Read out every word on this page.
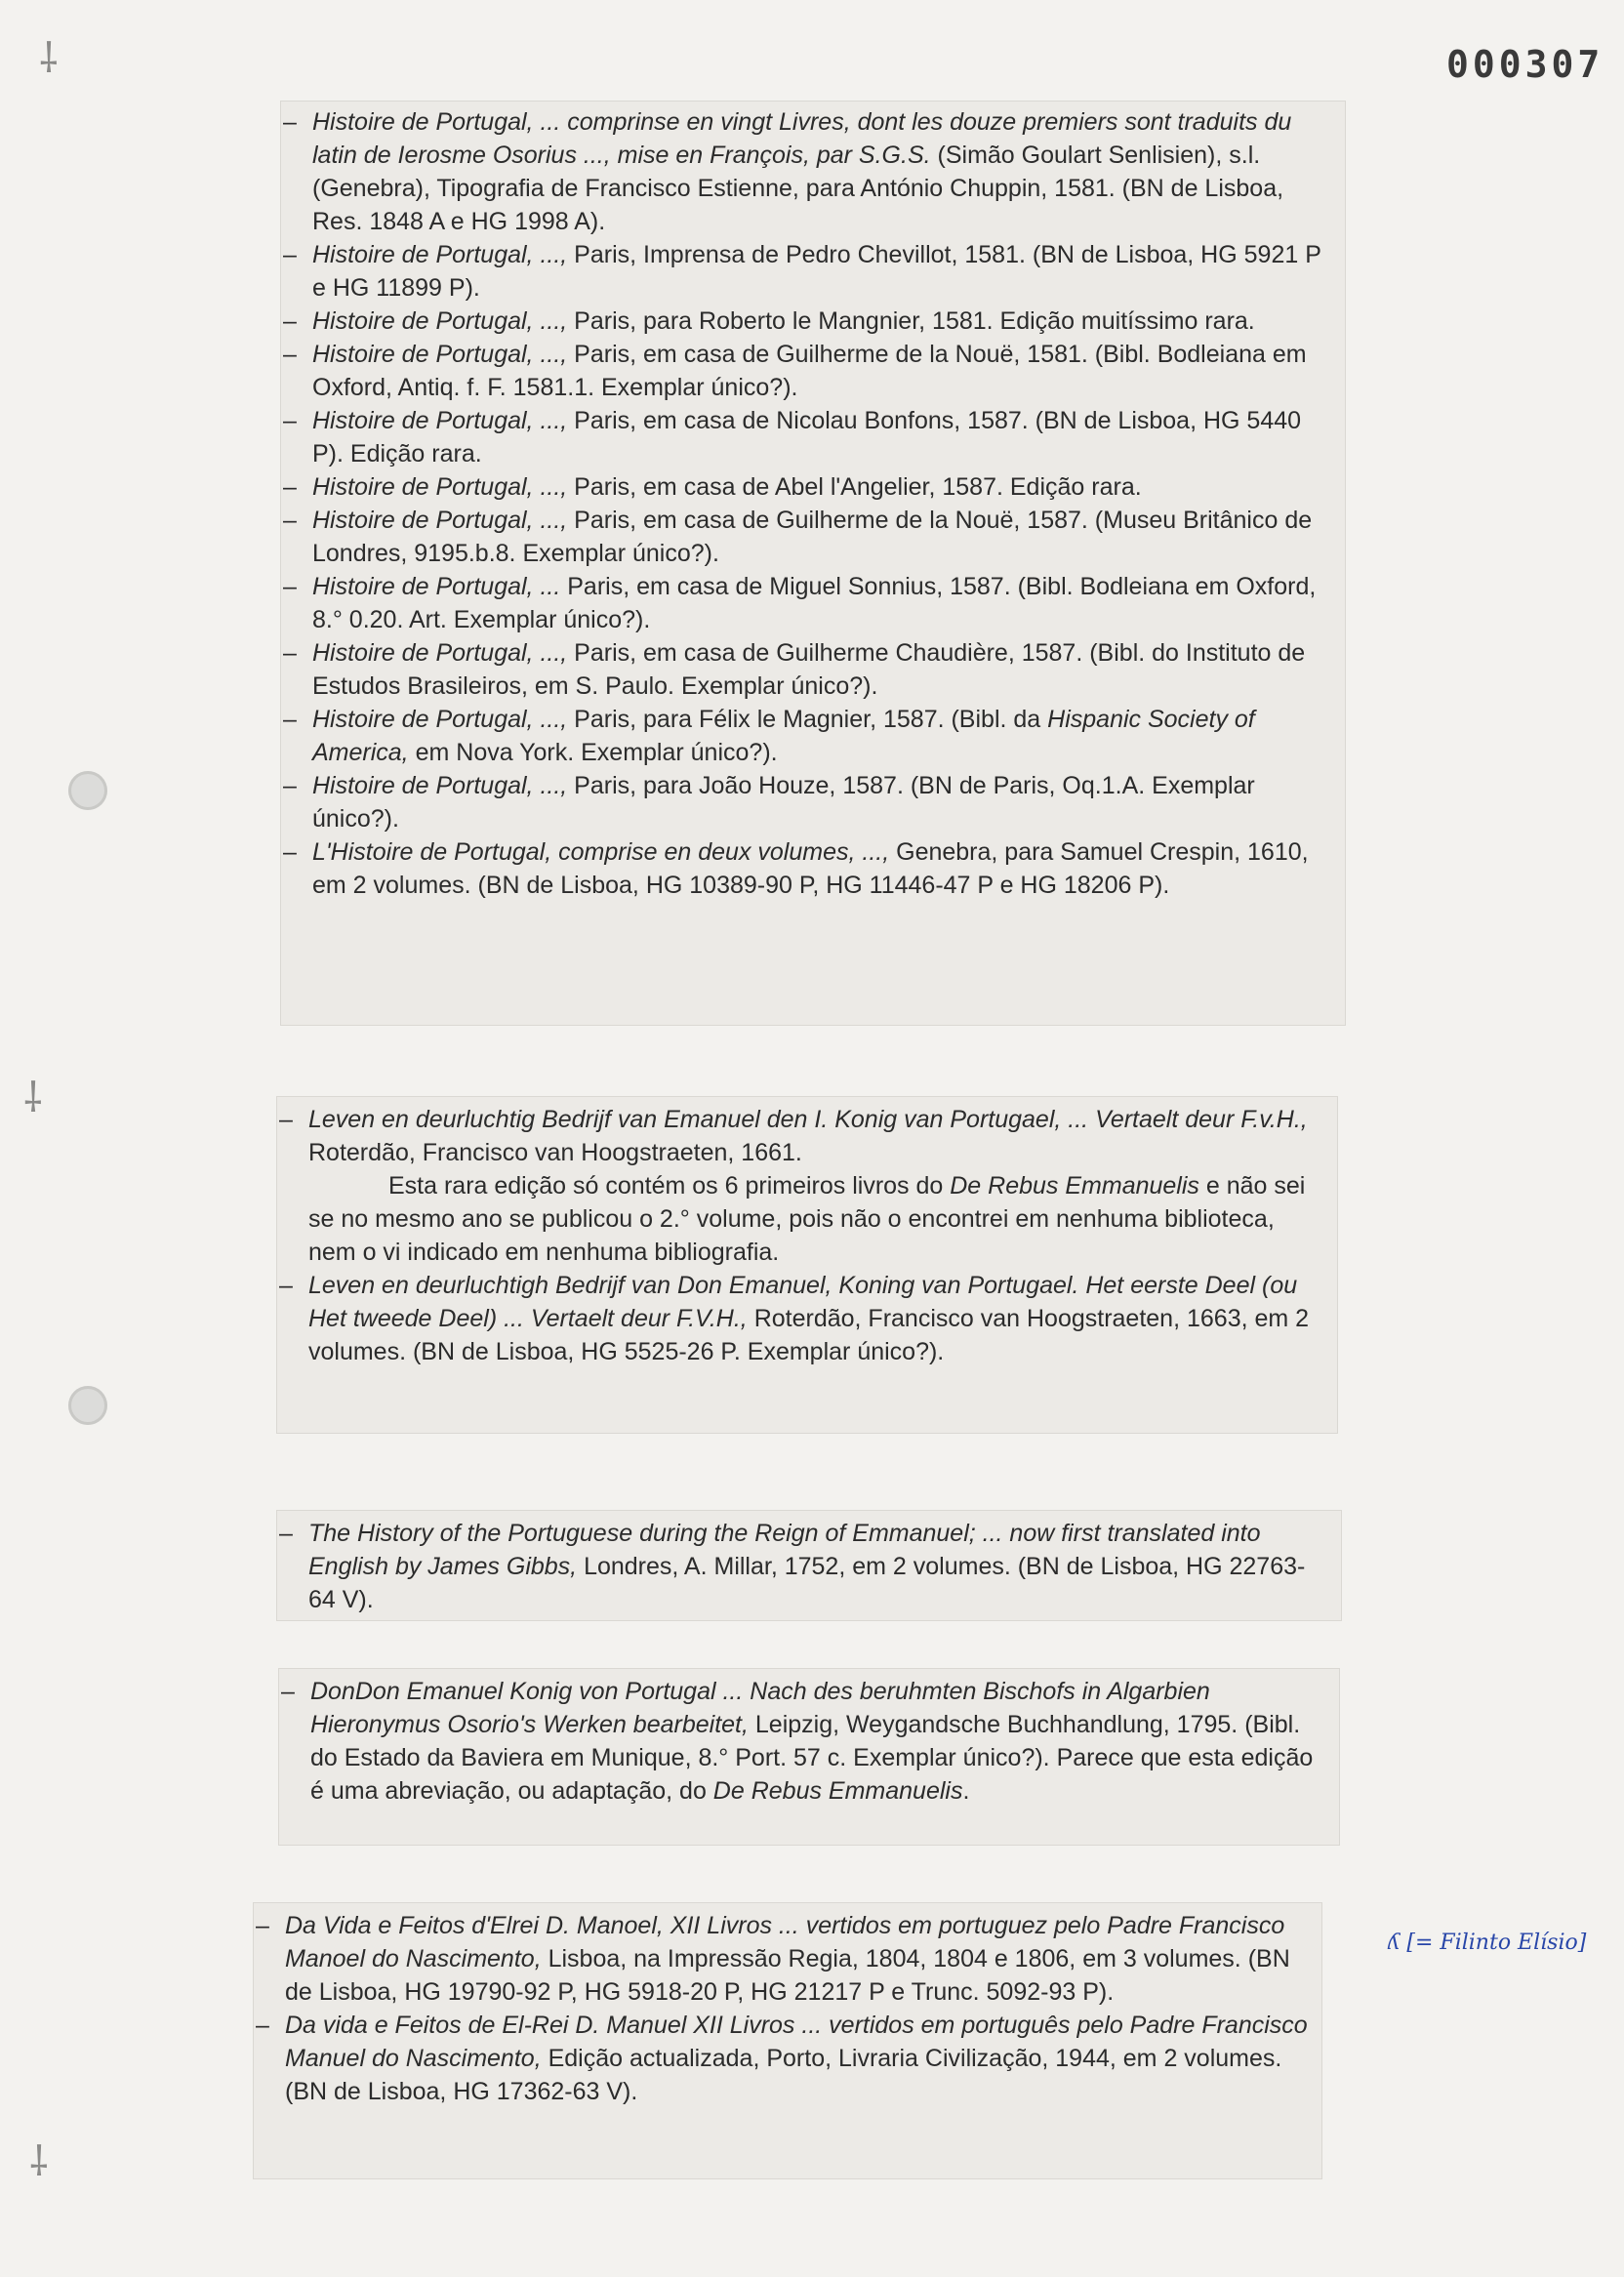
000307
⸸
⸸
⸸
– Histoire de Portugal, ... comprinse en vingt Livres, dont les douze premiers sont traduits du latin de Ierosme Osorius ..., mise en François, par S.G.S. (Simão Goulart Senlisien), s.l. (Genebra), Tipografia de Francisco Estienne, para António Chuppin, 1581. (BN de Lisboa, Res. 1848 A e HG 1998 A).
– Histoire de Portugal, ..., Paris, Imprensa de Pedro Chevillot, 1581. (BN de Lisboa, HG 5921 P e HG 11899 P).
– Histoire de Portugal, ..., Paris, para Roberto le Mangnier, 1581. Edição muitíssimo rara.
– Histoire de Portugal, ..., Paris, em casa de Guilherme de la Nouë, 1581. (Bibl. Bodleiana em Oxford, Antiq. f. F. 1581.1. Exemplar único?).
– Histoire de Portugal, ..., Paris, em casa de Nicolau Bonfons, 1587. (BN de Lisboa, HG 5440 P). Edição rara.
– Histoire de Portugal, ..., Paris, em casa de Abel l'Angelier, 1587. Edição rara.
– Histoire de Portugal, ..., Paris, em casa de Guilherme de la Nouë, 1587. (Museu Britânico de Londres, 9195.b.8. Exemplar único?).
– Histoire de Portugal, ... Paris, em casa de Miguel Sonnius, 1587. (Bibl. Bodleiana em Oxford, 8.° 0.20. Art. Exemplar único?).
– Histoire de Portugal, ..., Paris, em casa de Guilherme Chaudière, 1587. (Bibl. do Instituto de Estudos Brasileiros, em S. Paulo. Exemplar único?).
– Histoire de Portugal, ..., Paris, para Félix le Magnier, 1587. (Bibl. da Hispanic Society of America, em Nova York. Exemplar único?).
– Histoire de Portugal, ..., Paris, para João Houze, 1587. (BN de Paris, Oq.1.A. Exemplar único?).
– L'Histoire de Portugal, comprise en deux volumes, ..., Genebra, para Samuel Crespin, 1610, em 2 volumes. (BN de Lisboa, HG 10389-90 P, HG 11446-47 P e HG 18206 P).
– Leven en deurluchtig Bedrijf van Emanuel den I. Konig van Portugael, ... Vertaelt deur F.v.H., Roterdão, Francisco van Hoogstraeten, 1661.
Esta rara edição só contém os 6 primeiros livros do De Rebus Emmanuelis e não sei se no mesmo ano se publicou o 2.° volume, pois não o encontrei em nenhuma biblioteca, nem o vi indicado em nenhuma bibliografia.
– Leven en deurluchtigh Bedrijf van Don Emanuel, Koning van Portugael. Het eerste Deel (ou Het tweede Deel) ... Vertaelt deur F.V.H., Roterdão, Francisco van Hoogstraeten, 1663, em 2 volumes. (BN de Lisboa, HG 5525-26 P. Exemplar único?).
– The History of the Portuguese during the Reign of Emmanuel; ... now first translated into English by James Gibbs, Londres, A. Millar, 1752, em 2 volumes. (BN de Lisboa, HG 22763-64 V).
– DonDon Emanuel Konig von Portugal ... Nach des beruhmten Bischofs in Algarbien Hieronymus Osorio's Werken bearbeitet, Leipzig, Weygandsche Buchhandlung, 1795. (Bibl. do Estado da Baviera em Munique, 8.° Port. 57 c. Exemplar único?). Parece que esta edição é uma abreviação, ou adaptação, do De Rebus Emmanuelis.
– Da Vida e Feitos d'Elrei D. Manoel, XII Livros ... vertidos em portuguez pelo Padre Francisco Manoel do Nascimento, Lisboa, na Impressão Regia, 1804, 1804 e 1806, em 3 volumes. (BN de Lisboa, HG 19790-92 P, HG 5918-20 P, HG 21217 P e Trunc. 5092-93 P).
– Da vida e Feitos de El-Rei D. Manuel XII Livros ... vertidos em português pelo Padre Francisco Manuel do Nascimento, Edição actualizada, Porto, Livraria Civilização, 1944, em 2 volumes. (BN de Lisboa, HG 17362-63 V).
ʎ [= Filinto Elísio]
